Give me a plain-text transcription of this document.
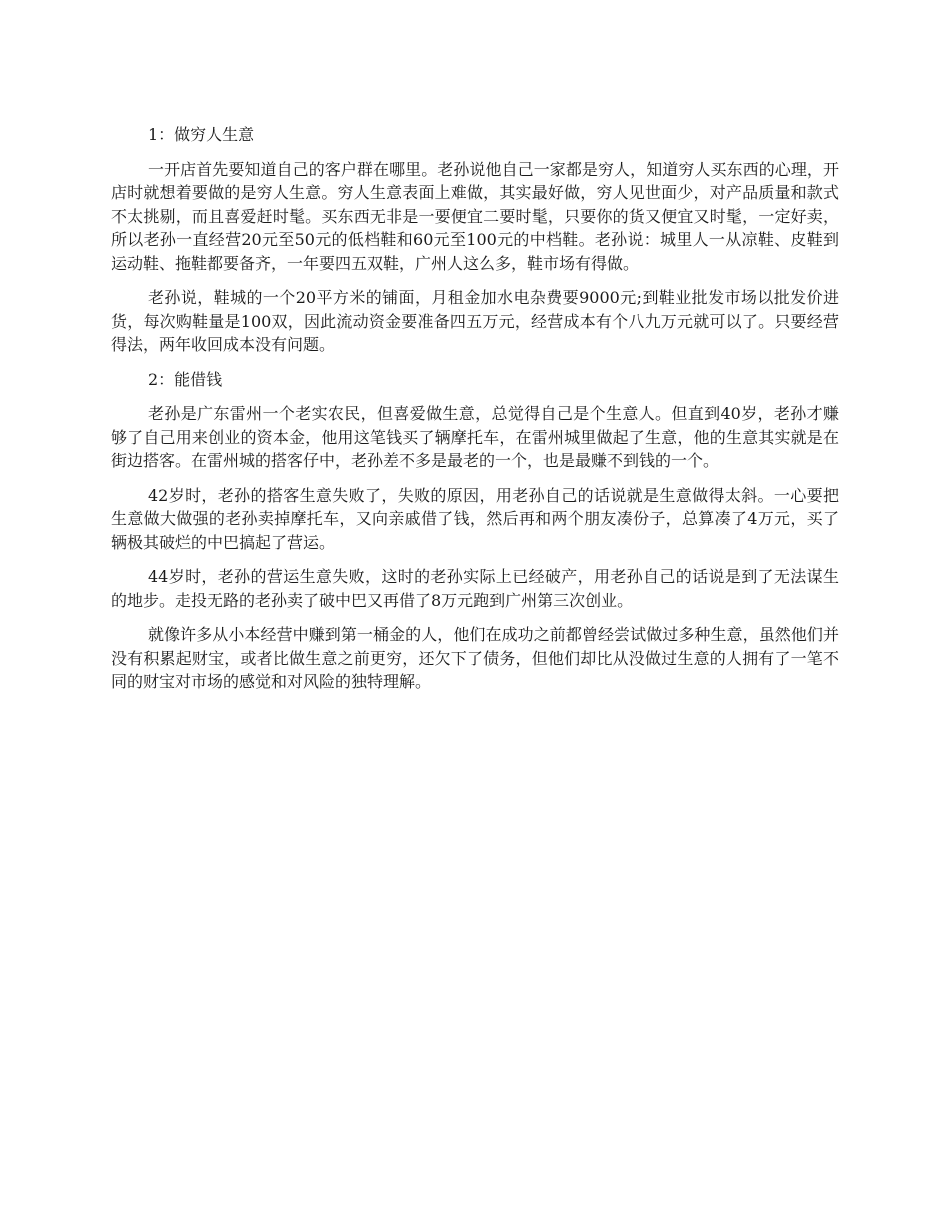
1：做穷人生意

一开店首先要知道自己的客户群在哪里。老孙说他自己一家都是穷人，知道穷人买东西的心理，开店时就想着要做的是穷人生意。穷人生意表面上难做，其实最好做，穷人见世面少，对产品质量和款式不太挑剔，而且喜爱赶时髦。买东西无非是一要便宜二要时髦，只要你的货又便宜又时髦，一定好卖，所以老孙一直经营20元至50元的低档鞋和60元至100元的中档鞋。老孙说：城里人一从凉鞋、皮鞋到运动鞋、拖鞋都要备齐，一年要四五双鞋，广州人这么多，鞋市场有得做。

老孙说，鞋城的一个20平方米的铺面，月租金加水电杂费要9000元;到鞋业批发市场以批发价进货，每次购鞋量是100双，因此流动资金要准备四五万元，经营成本有个八九万元就可以了。只要经营得法，两年收回成本没有问题。

2：能借钱

老孙是广东雷州一个老实农民，但喜爱做生意，总觉得自己是个生意人。但直到40岁，老孙才赚够了自己用来创业的资本金，他用这笔钱买了辆摩托车，在雷州城里做起了生意，他的生意其实就是在街边搭客。在雷州城的搭客仔中，老孙差不多是最老的一个，也是最赚不到钱的一个。

42岁时，老孙的搭客生意失败了，失败的原因，用老孙自己的话说就是生意做得太斜。一心要把生意做大做强的老孙卖掉摩托车，又向亲戚借了钱，然后再和两个朋友凑份子，总算凑了4万元，买了辆极其破烂的中巴搞起了营运。

44岁时，老孙的营运生意失败，这时的老孙实际上已经破产，用老孙自己的话说是到了无法谋生的地步。走投无路的老孙卖了破中巴又再借了8万元跑到广州第三次创业。

就像许多从小本经营中赚到第一桶金的人，他们在成功之前都曾经尝试做过多种生意，虽然他们并没有积累起财宝，或者比做生意之前更穷，还欠下了债务，但他们却比从没做过生意的人拥有了一笔不同的财宝对市场的感觉和对风险的独特理解。
